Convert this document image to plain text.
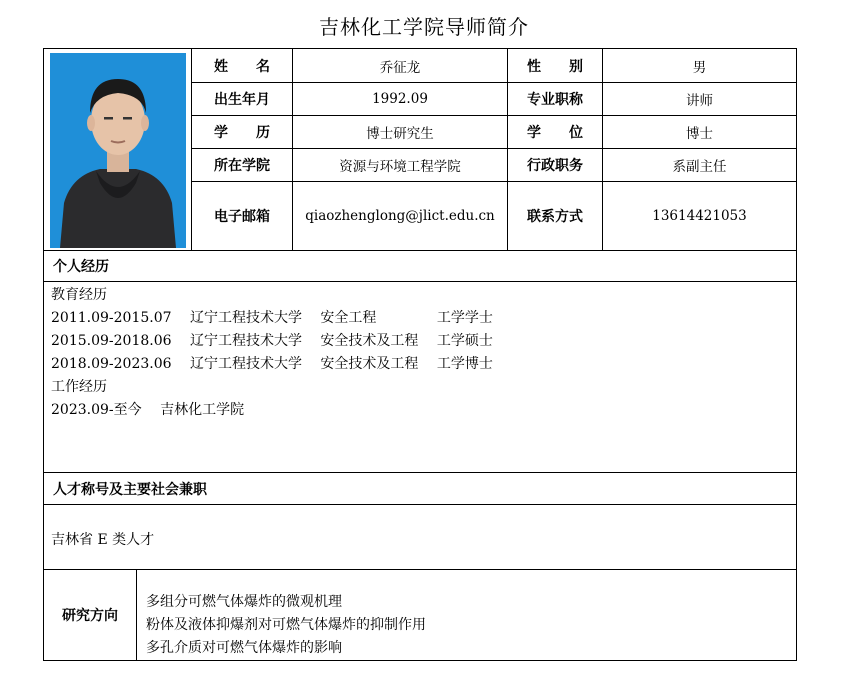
吉林化工学院导师简介
姓　　名	乔征龙	性　　别	男
出生年月	1992.09	专业职称	讲师
学　　历	博士研究生	学　　位	博士
所在学院	资源与环境工程学院	行政职务	系副主任
电子邮箱	qiaozhenglong@jlict.edu.cn	联系方式	13614421053
个人经历
教育经历
2011.09-2015.07　 辽宁工程技术大学　 安全工程　　　　 工学学士
2015.09-2018.06　 辽宁工程技术大学　 安全技术及工程　 工学硕士
2018.09-2023.06　 辽宁工程技术大学　 安全技术及工程　 工学博士
工作经历
2023.09-至今　 吉林化工学院
人才称号及主要社会兼职
吉林省 E 类人才
研究方向
多组分可燃气体爆炸的微观机理
粉体及液体抑爆剂对可燃气体爆炸的抑制作用
多孔介质对可燃气体爆炸的影响
